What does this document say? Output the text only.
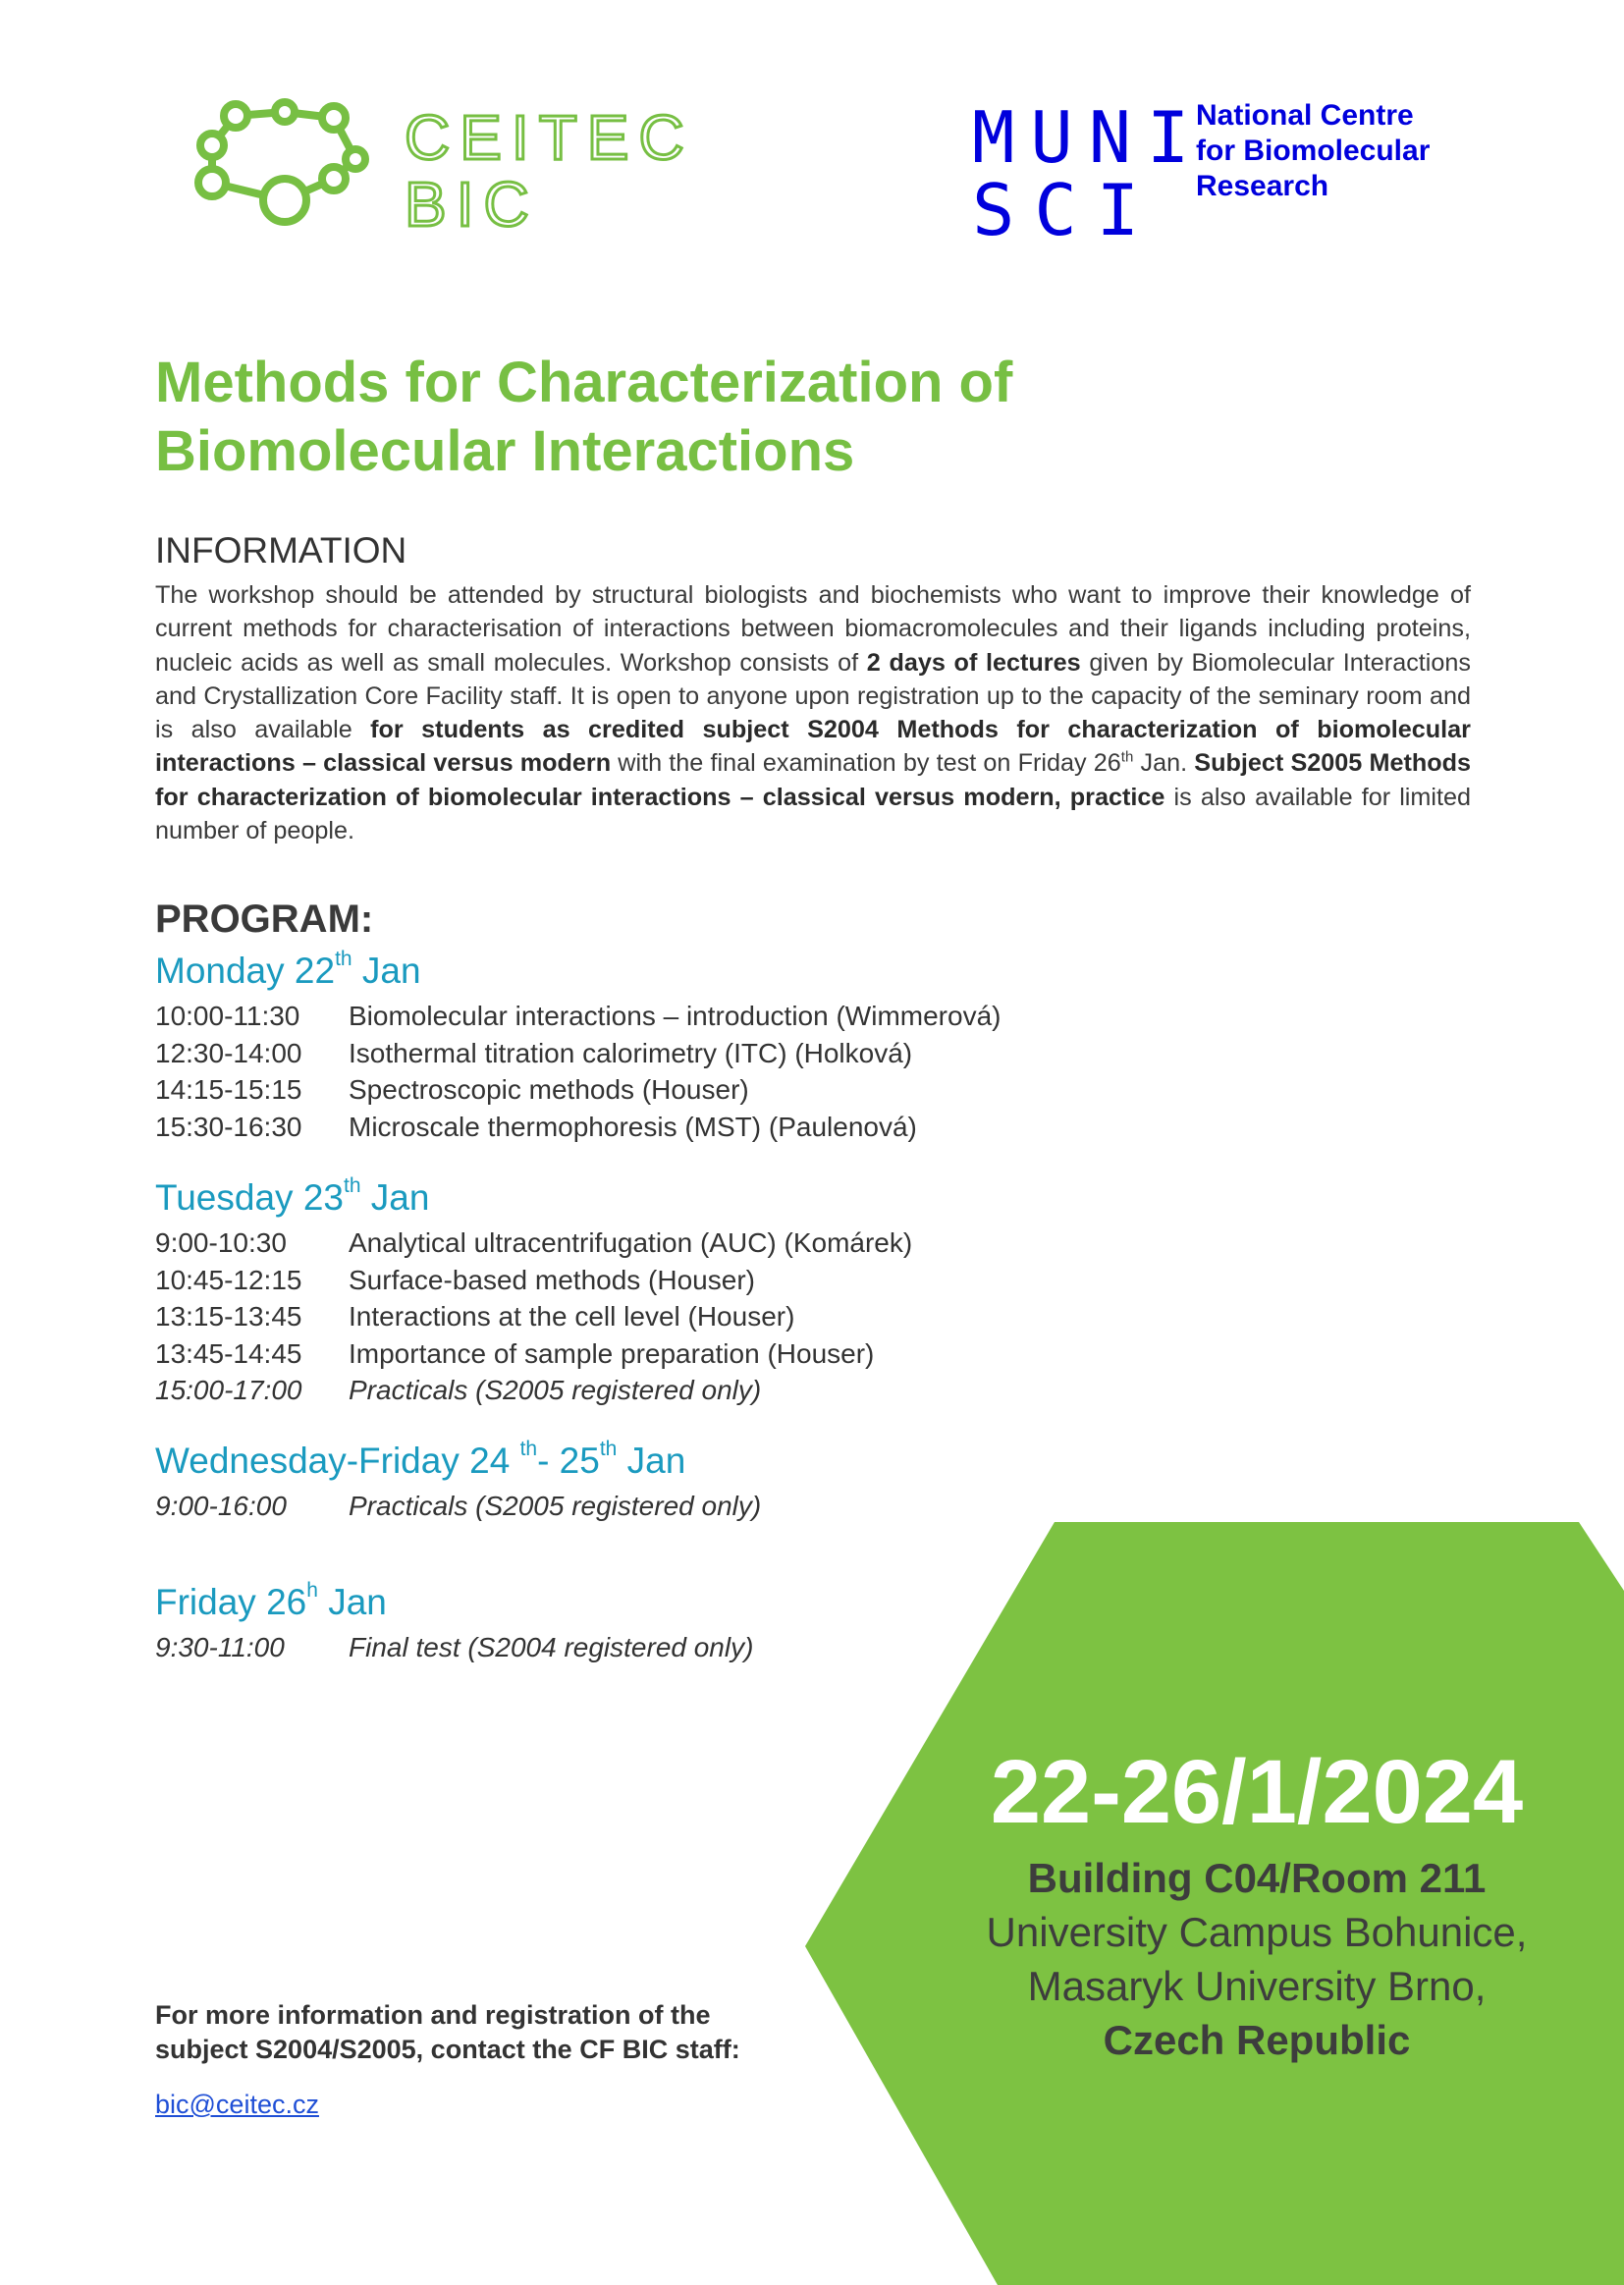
CEITEC
BIC
MUNI
SCI
National Centre
for Biomolecular
Research
Methods for Characterization of
Biomolecular Interactions
INFORMATION

The workshop should be attended by structural biologists and biochemists who want to improve their knowledge of current methods for characterisation of interactions between biomacromolecules and their ligands including proteins, nucleic acids as well as small molecules. Workshop consists of 2 days of lectures given by Biomolecular Interactions and Crystallization Core Facility staff. It is open to anyone upon registration up to the capacity of the seminary room and is also available for students as credited subject S2004 Methods for characterization of biomolecular interactions – classical versus modern with the final examination by test on Friday 26th Jan. Subject S2005 Methods for characterization of biomolecular interactions – classical versus modern, practice is also available for limited number of people.

PROGRAM:
Monday 22th Jan
10:00-11:30 Biomolecular interactions – introduction (Wimmerová)
12:30-14:00 Isothermal titration calorimetry (ITC) (Holková)
14:15-15:15 Spectroscopic methods (Houser)
15:30-16:30 Microscale thermophoresis (MST) (Paulenová)
Tuesday 23th Jan
9:00-10:30 Analytical ultracentrifugation (AUC) (Komárek)
10:45-12:15 Surface-based methods (Houser)
13:15-13:45 Interactions at the cell level (Houser)
13:45-14:45 Importance of sample preparation (Houser)
15:00-17:00 Practicals (S2005 registered only)
Wednesday-Friday 24 $^{th}$- 25th Jan
9:00-16:00 Practicals (S2005 registered only)
Friday 26$^h$ Jan
9:30-11:00 Final test (S2004 registered only)
22-26/1/2024
Building C04/Room 211
University Campus Bohunice,
Masaryk University Brno,
Czech Republic

For more information and registration of the
subject S2004/S2005, contact the CF BIC staff:

bic@ceitec.cz
